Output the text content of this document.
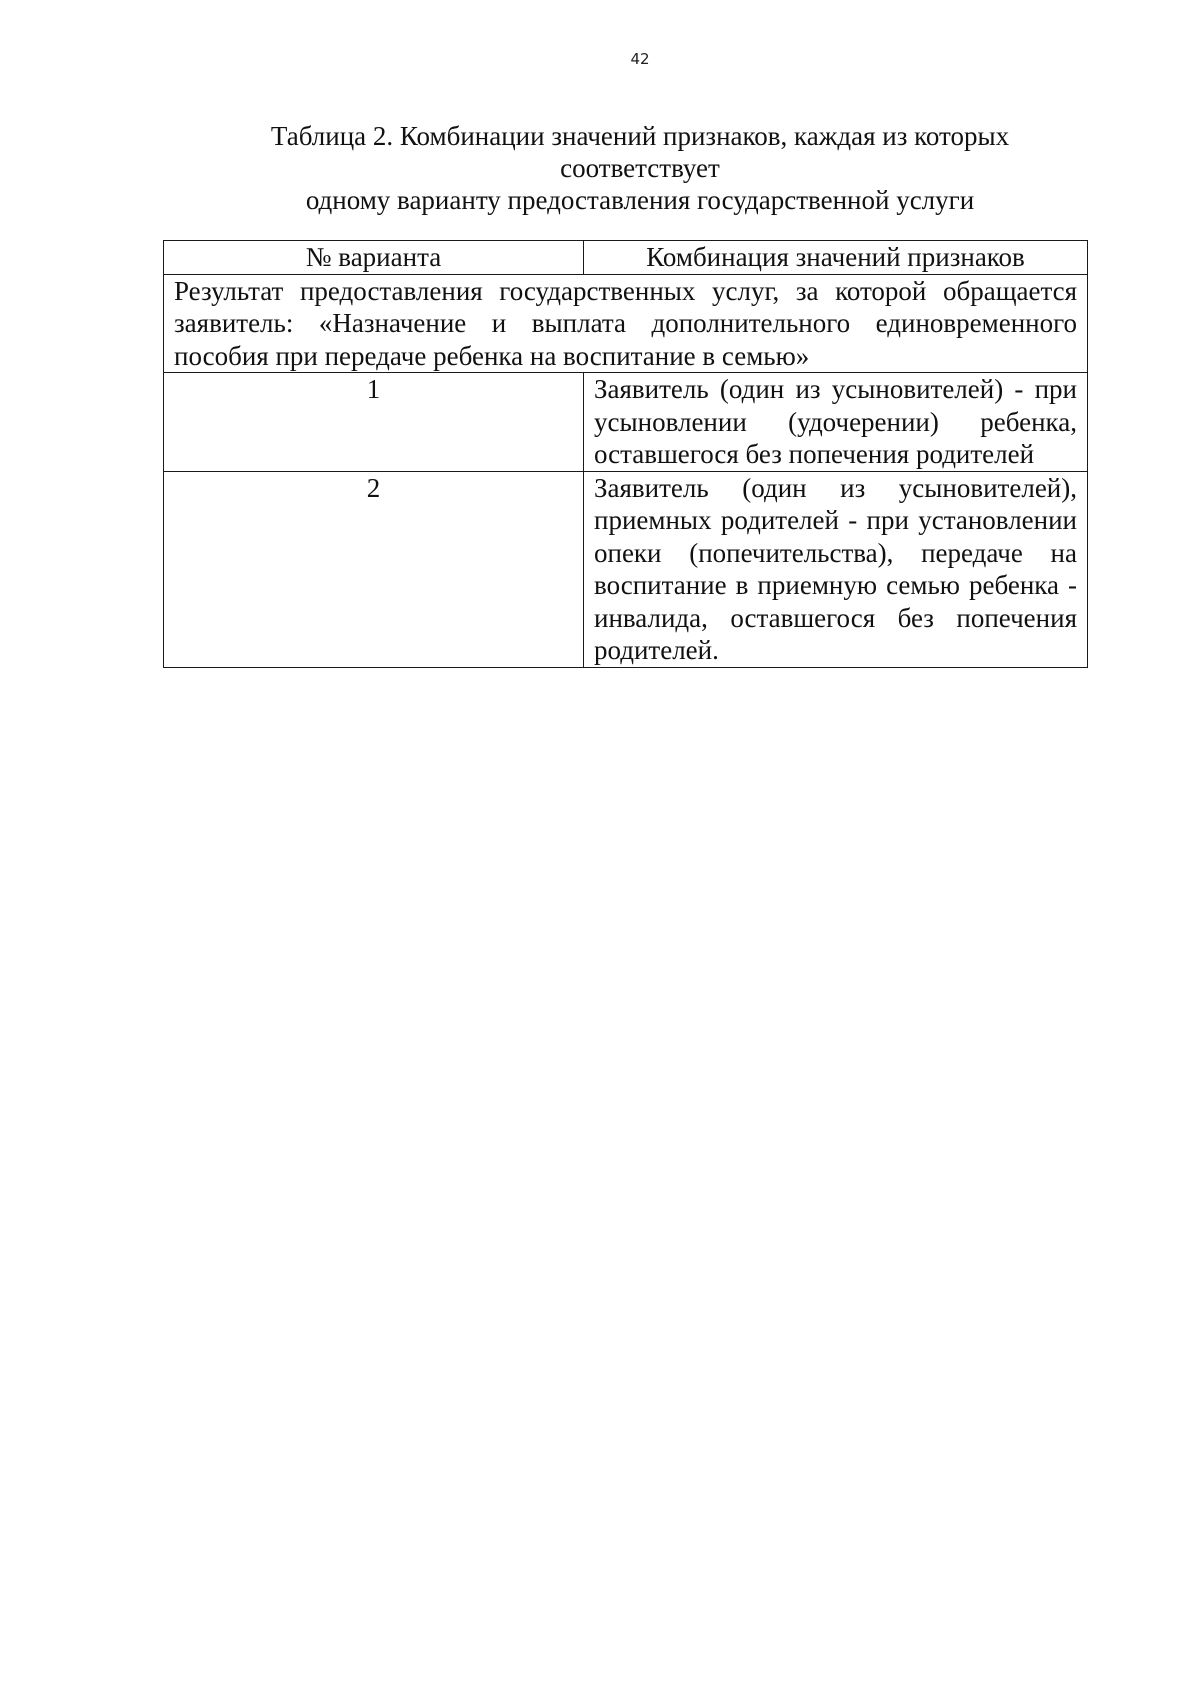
42
Таблица 2. Комбинации значений признаков, каждая из которых
соответствует
одному варианту предоставления государственной услуги
№ варианта	Комбинация значений признаков
Результат предоставления государственных услуг, за которой обращается заявитель: «Назначение и выплата дополнительного единовременного пособия при передаче ребенка на воспитание в семью»	
1	Заявитель (один из усыновителей) - при усыновлении (удочерении) ребенка, оставшегося без попечения родителей
2	Заявитель (один из усыновителей), приемных родителей - при установлении опеки (попечительства), передаче на воспитание в приемную семью ребенка - инвалида, оставшегося без попечения родителей.
